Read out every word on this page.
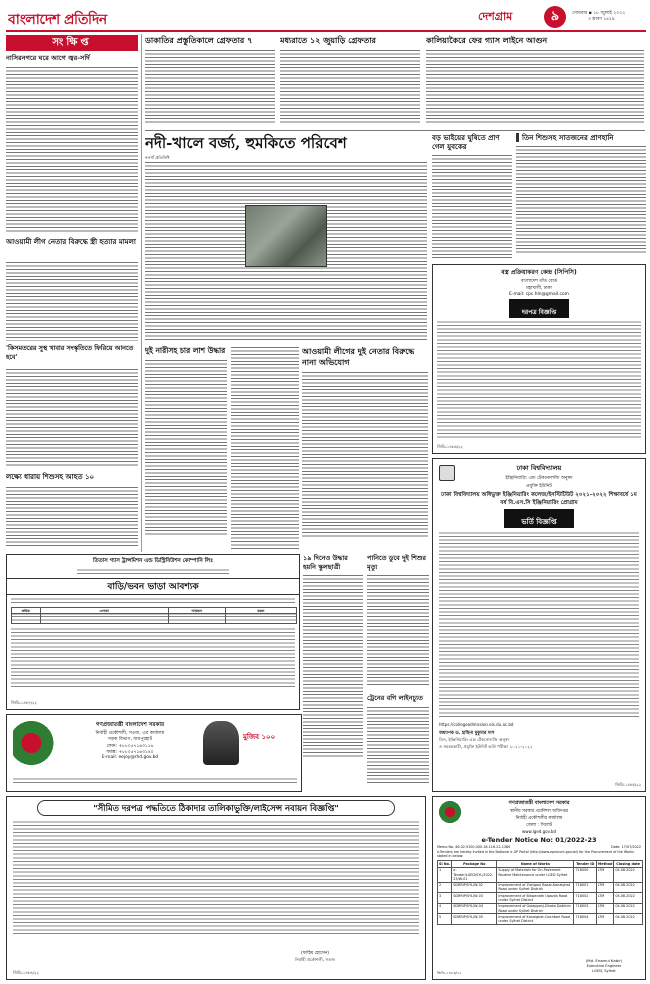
বাংলাদেশ প্রতিদিন	দেশগ্রাম	৯	সোমবার ▪ ১৮ জুলাই ২০২২
৩ শ্রাবণ ১৪২৯
সংক্ষিপ্ত
নাসিরনগরে ঘরে আগে জ্বর-সর্দি
আওয়ামী লীগ নেতার বিরুদ্ধে স্ত্রী হত্যার মামলা
'কিসমতরের সুস্থ খাবার সংস্কৃতিতে ফিরিয়ে আনতে হবে'
লক্ষ্যে ধারায় শিশুসহ আহত ১০
ডাকাতির প্রস্তুতিকালে গ্রেফতার ৭	মধ্যরাতে ১২ জুয়াড়ি গ্রেফতার	কালিয়াকৈরে ফের গ্যাস লাইনে আগুন
নদী-খালে বর্জ্য, হুমকিতে পরিবেশ
নওগাঁ প্রতিনিধি
বড় ভাইয়ের ঘুষিতে প্রাণ গেল যুবকের
তিন শিশুসহ সাতজনের প্রাণহানি
বস্ত্র প্রক্রিয়াকরণ কেন্দ্র (সিপিসি)
বাংলাদেশ তাঁত বোর্ড
মহাখালী, ঢাকা
E-mail: cpc.hln@gmail.com
দরপত্র বিজ্ঞপ্তি
জিডি-১৪৮৬/২২
দুই নারীসহ চার লাশ উদ্ধার	আওয়ামী লীগের দুই নেতার বিরুদ্ধে নানা অভিযোগ
ঢাকা বিশ্ববিদ্যালয়
ইঞ্জিনিয়ারিং এন্ড টেকনোলজি অনুষদ
প্রযুক্তি ইউনিট
ঢাকা বিশ্ববিদ্যালয় অধিভুক্ত ইঞ্জিনিয়ারিং কলেজ/ইনস্টিটিউট ২০২১-২০২২ শিক্ষাবর্ষে ১ম বর্ষ বি.এস.সি ইঞ্জিনিয়ারিং প্রোগ্রাম
ভর্তি বিজ্ঞপ্তি
https://collegeadmission.eis.du.ac.bd
অধ্যাপক ড. হাছিনা মুকুমার দাস
ডিন, ইঞ্জিনিয়ারিং এন্ড টেকনোলজি অনুষদ
ও সমন্বয়কারী, প্রযুক্তি ইউনিট ভর্তি পরীক্ষা ২০২১-২০২২
জিডি-১৪৮৫/২২
তিতাস গ্যাস ট্রান্সমিশন এন্ড ডিস্ট্রিবিউশন কোম্পানি লিঃ
বাড়ি/ভবন ভাড়া আবশ্যক
ক্রমিক	এলাকা	আয়তন	মন্তব্য

জিডি-১৪৮৭/২২
১৯ দিনেও উদ্ধার হয়নি স্কুলছাত্রী
পানিতে ডুবে দুই শিশুর মৃত্যু
ট্রেনের বগি লাইনচ্যুত
গণপ্রজাতন্ত্রী বাংলাদেশ সরকার
নির্বাহী প্রকৌশলী, সওজ, এর কার্যালয়
সড়ক বিভাগ, জয়পুরহাট
ফোন: +৮৮০৫৭১৬৩১১৬
ফ্যাক্স: +৮৮০৫৭১৬৩১৪০
E-mail: eejoy@rhd.gov.bd
মুজিব ১০০
"সীমিত দরপত্র পদ্ধতিতে ঠিকাদার তালিকাভুক্তি/লাইসেন্স নবায়ন বিজ্ঞপ্তি"
(ফাহিম হোসেন)
নির্বাহী প্রকৌশলী, সওজ
জিডি-১৪৮৪/২২
গণপ্রজাতন্ত্রী বাংলাদেশ সরকার
স্থানীয় সরকার প্রকৌশল অধিদপ্তর
নির্বাহী প্রকৌশলীর কার্যালয়
জেলা : সিলেট
www.lged.gov.bd
e-Tender Notice No: 01/2022-23
Memo No. 46.02.9100.000.18.116.22-1380	Date: 17/07/2022
e-Tenders are hereby invited in the National e-GP Portal (http://www.eprocure.gov.bd) for the Procurement of the Works stated in below:
Sl No.	Package No	Name of Works	Tender ID	Method	Closing date
1	e-Tender/LGED/SYL/2022-23/W-01	Supply of Materials for On-Pavement Routine Maintenance under LGED Sylhet	718000	LTM	04.08.2022
2	SDRRIP/SYL/W-02	Improvement of Zakiganj Bazar-Kanaighat Road under Sylhet District	718001	LTM	04.08.2022
3	SDRRIP/SYL/W-03	Improvement of Biswanath Upazila Road under Sylhet District	718002	LTM	04.08.2022
4	SDRRIP/SYL/W-04	Improvement of Golapganj-Dhaka Dakkhin Road under Sylhet District	718003	LTM	04.08.2022
5	SDRRIP/SYL/W-05	Improvement of Kanaighat-Gachbari Road under Sylhet District	718004	LTM	04.08.2022
(Md. Enamul Kabir)
Executive Engineer
LGED, Sylhet
জিডি-১৪৮৩/২২
